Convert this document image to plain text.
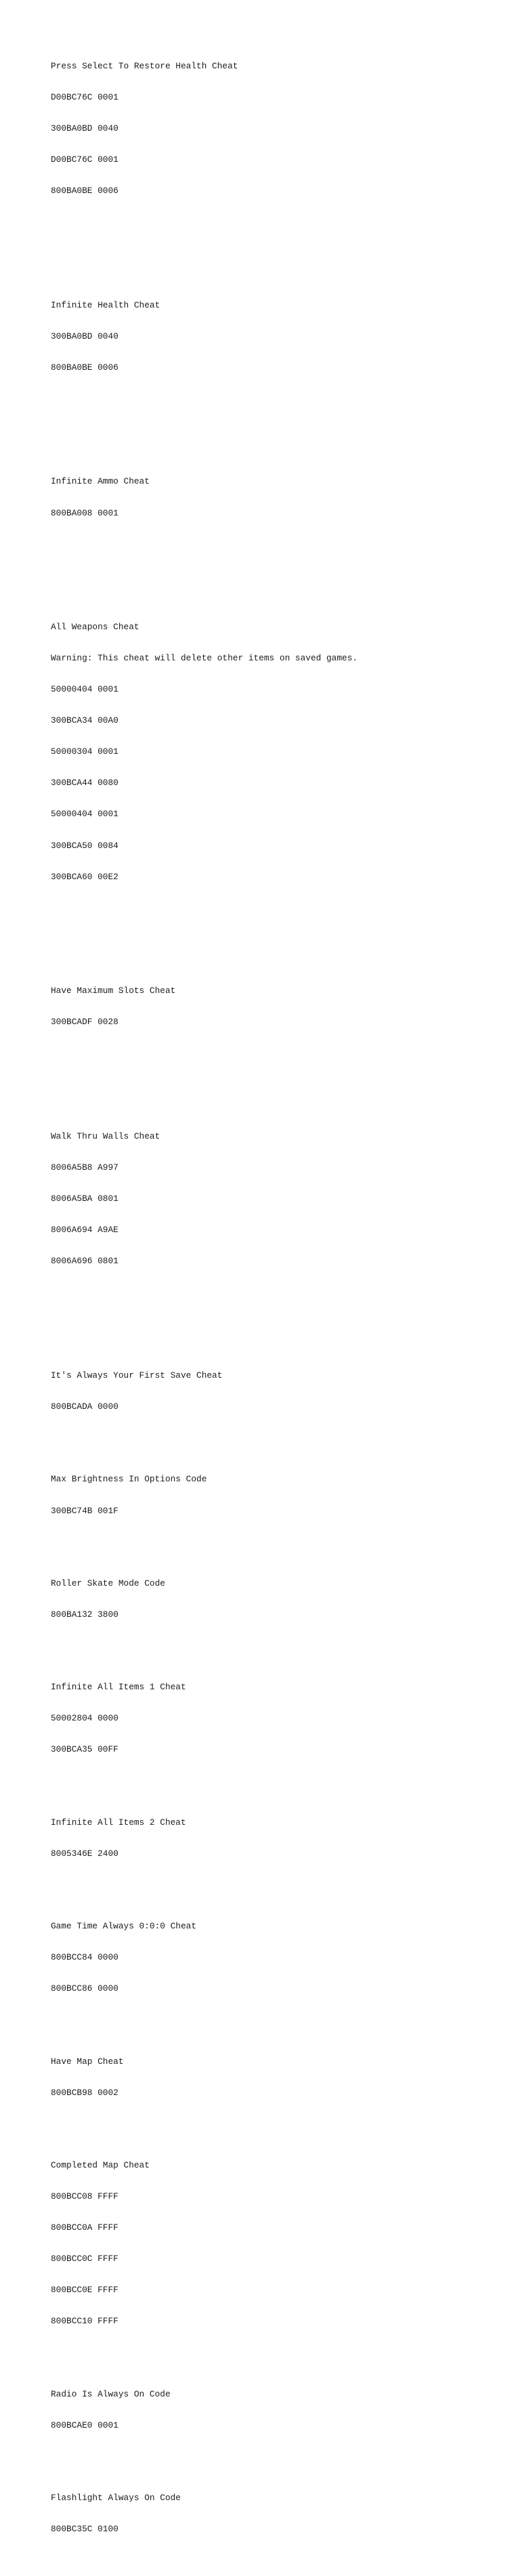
Press Select To Restore Health Cheat

D00BC76C 0001

300BA0BD 0040

D00BC76C 0001

800BA0BE 0006

Infinite Health Cheat

300BA0BD 0040

800BA0BE 0006

Infinite Ammo Cheat

800BA008 0001

All Weapons Cheat

Warning: This cheat will delete other items on saved games.

50000404 0001

300BCA34 00A0

50000304 0001

300BCA44 0080

50000404 0001

300BCA50 0084

300BCA60 00E2

Have Maximum Slots Cheat

300BCADF 0028

Walk Thru Walls Cheat

8006A5B8 A997

8006A5BA 0801

8006A694 A9AE

8006A696 0801

It's Always Your First Save Cheat

800BCADA 0000

Max Brightness In Options Code

300BC74B 001F

Roller Skate Mode Code

800BA132 3800

Infinite All Items 1 Cheat

50002804 0000

300BCA35 00FF

Infinite All Items 2 Cheat

8005346E 2400

Game Time Always 0:0:0 Cheat

800BCC84 0000

800BCC86 0000

Have Map Cheat

800BCB98 0002

Completed Map Cheat

800BCC08 FFFF

800BCC0A FFFF

800BCC0C FFFF

800BCC0E FFFF

800BCC10 FFFF

Radio Is Always On Code

800BCAE0 0001

Flashlight Always On Code

800BC35C 0100
